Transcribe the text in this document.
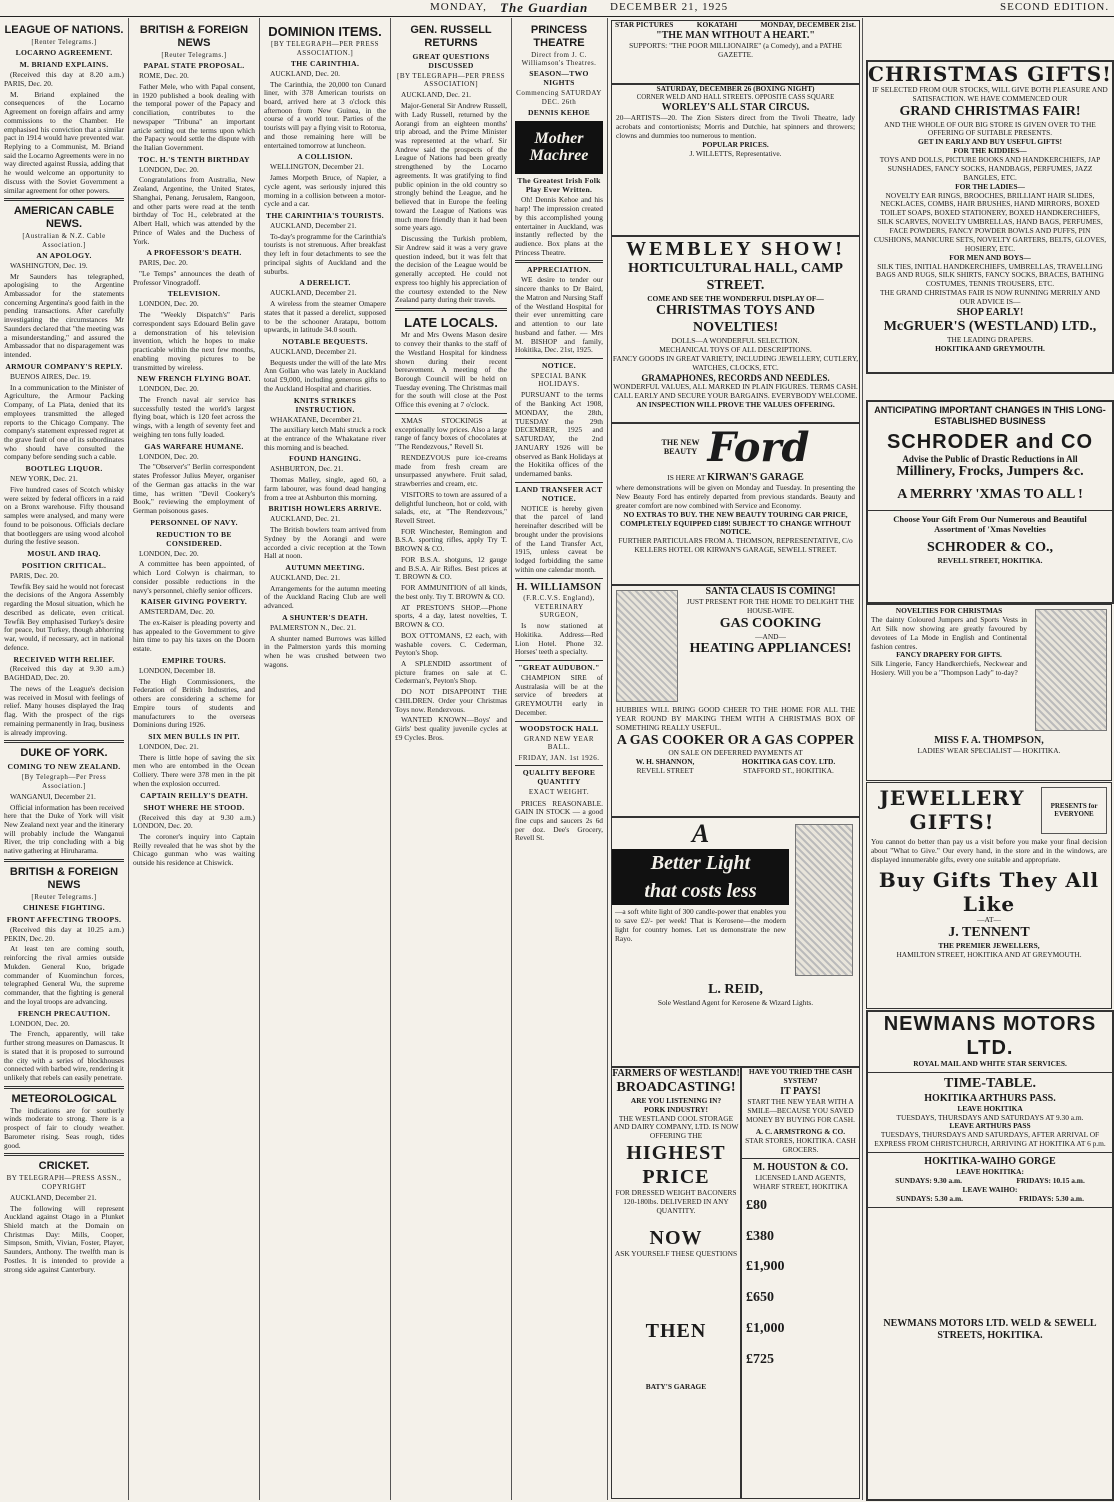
MONDAY, The Guardian DECEMBER 21, 1925	SECOND EDITION.
LEAGUE OF NATIONS.
[Renter Telegrams.]
LOCARNO AGREEMENT.
M. BRIAND EXPLAINS.

(Received this day at 8.20 a.m.) PARIS, Dec. 20.

M. Briand explained the consequences of the Locarno Agreement on foreign affairs and army commissions to the Chamber. He emphasised his conviction that a similar pact in 1914 would have prevented war. Replying to a Communist, M. Briand said the Locarno Agreements were in no way directed against Russia, adding that he would welcome an opportunity to discuss with the Soviet Government a similar agreement for other powers.

AMERICAN CABLE NEWS.
[Australian & N.Z. Cable Association.]
AN APOLOGY.

WASHINGTON, Dec. 19.

Mr Saunders has telegraphed, apologising to the Argentine Ambassador for the statements concerning Argentina's good faith in the pending transactions. After carefully investigating the circumstances Mr Saunders declared that "the meeting was a misunderstanding," and assured the Ambassador that no disparagement was intended.

ARMOUR COMPANY'S REPLY.

BUENOS AIRES, Dec. 19.

In a communication to the Minister of Agriculture, the Armour Packing Company, of La Plata, denied that its employees transmitted the alleged reports to the Chicago Company. The company's statement expressed regret at the grave fault of one of its subordinates who should have consulted the company before sending such a cable.

BOOTLEG LIQUOR.

NEW YORK, Dec. 21.

Five hundred cases of Scotch whisky were seized by federal officers in a raid on a Bronx warehouse. Fifty thousand samples were analysed, and many were found to be poisonous. Officials declare that bootleggers are using wood alcohol during the festive season.

MOSUL AND IRAQ.
POSITION CRITICAL.

PARIS, Dec. 20.

Tewfik Bey said he would not forecast the decisions of the Angora Assembly regarding the Mosul situation, which he described as delicate, even critical. Tewfik Bey emphasised Turkey's desire for peace, but Turkey, though abhorring war, would, if necessary, act in national defence.

RECEIVED WITH RELIEF.

(Received this day at 9.30 a.m.) BAGHDAD, Dec. 20.

The news of the League's decision was received in Mosul with feelings of relief. Many houses displayed the Iraq flag. With the prospect of the rigs remaining permanently in Iraq, business is already improving.

DUKE OF YORK.
COMING TO NEW ZEALAND.
[By Telegraph—Per Press Association.]

WANGANUI, December 21.

Official information has been received here that the Duke of York will visit New Zealand next year and the itinerary will probably include the Wanganui River, the trip concluding with a big native gathering at Hiruharama.

BRITISH & FOREIGN NEWS
[Reuter Telegrams.]
CHINESE FIGHTING.
FRONT AFFECTING TROOPS.

(Received this day at 10.25 a.m.) PEKIN, Dec. 20.

At least ten are coming south, reinforcing the rival armies outside Mukden. General Kuo, brigade commander of Kuominchun forces, telegraphed General Wu, the supreme commander, that the fighting is general and the loyal troops are advancing.

FRENCH PRECAUTION.

LONDON, Dec. 20.

The French, apparently, will take further strong measures on Damascus. It is stated that it is proposed to surround the city with a series of blockhouses connected with barbed wire, rendering it unlikely that rebels can easily penetrate.

METEOROLOGICAL

The indications are for southerly winds moderate to strong. There is a prospect of fair to cloudy weather. Barometer rising. Seas rough, tides good.

CRICKET.
BY TELEGRAPH—PRESS ASSN., COPYRIGHT

AUCKLAND, December 21.

The following will represent Auckland against Otago in a Plunket Shield match at the Domain on Christmas Day: Mills, Cooper, Simpson, Smith, Vivian, Foster, Player, Saunders, Anthony. The twelfth man is Postles. It is intended to provide a strong side against Canterbury.

BRITISH & FOREIGN NEWS
[Reuter Telegrams.]
PAPAL STATE PROPOSAL.

ROME, Dec. 20.

Father Mele, who with Papal consent, in 1920 published a book dealing with the temporal power of the Papacy and conciliation, contributes to the newspaper "Tribuna" an important article setting out the terms upon which the Papacy would settle the dispute with the Italian Government.

TOC. H.'S TENTH BIRTHDAY

LONDON, Dec. 20.

Congratulations from Australia, New Zealand, Argentine, the United States, Shanghai, Penang, Jerusalem, Rangoon, and other parts were read at the tenth birthday of Toc H., celebrated at the Albert Hall, which was attended by the Prince of Wales and the Duchess of York.

A PROFESSOR'S DEATH.

PARIS, Dec. 20.

"Le Temps" announces the death of Professor Vinogradoff.

TELEVISION.

LONDON, Dec. 20.

The "Weekly Dispatch's" Paris correspondent says Edouard Belin gave a demonstration of his television invention, which he hopes to make practicable within the next few months, enabling moving pictures to be transmitted by wireless.

NEW FRENCH FLYING BOAT.

LONDON, Dec. 20.

The French naval air service has successfully tested the world's largest flying boat, which is 120 feet across the wings, with a length of seventy feet and weighing ten tons fully loaded.

GAS WARFARE HUMANE.

LONDON, Dec. 20.

The "Observer's" Berlin correspondent states Professor Julius Meyer, organiser of the German gas attacks in the war time, has written "Devil Cookery's Book," reviewing the employment of German poisonous gases.

PERSONNEL OF NAVY.
REDUCTION TO BE CONSIDERED.

LONDON, Dec. 20.

A committee has been appointed, of which Lord Colwyn is chairman, to consider possible reductions in the navy's personnel, chiefly senior officers.

KAISER GIVING POVERTY.

AMSTERDAM, Dec. 20.

The ex-Kaiser is pleading poverty and has appealed to the Government to give him time to pay his taxes on the Doorn estate.

EMPIRE TOURS.

LONDON, December 18.

The High Commissioners, the Federation of British Industries, and others are considering a scheme for Empire tours of students and manufacturers to the overseas Dominions during 1926.

SIX MEN BULLS IN PIT.

LONDON, Dec. 21.

There is little hope of saving the six men who are entombed in the Ocean Colliery. There were 378 men in the pit when the explosion occurred.

CAPTAIN REILLY'S DEATH.
SHOT WHERE HE STOOD.

(Received this day at 9.30 a.m.) LONDON, Dec. 20.

The coroner's inquiry into Captain Reilly revealed that he was shot by the Chicago gunman who was waiting outside his residence at Chiswick.

DOMINION ITEMS.
[BY TELEGRAPH—PER PRESS ASSOCIATION.]
THE CARINTHIA.

AUCKLAND, Dec. 20.

The Carinthia, the 20,000 ton Cunard liner, with 378 American tourists on board, arrived here at 3 o'clock this afternoon from New Guinea, in the course of a world tour. Parties of the tourists will pay a flying visit to Rotorua, and those remaining here will be entertained tomorrow at luncheon.

A COLLISION.

WELLINGTON, December 21.

James Morpeth Bruce, of Napier, a cycle agent, was seriously injured this morning in a collision between a motor-cycle and a car.

THE CARINTHIA'S TOURISTS.

AUCKLAND, December 21.

To-day's programme for the Carinthia's tourists is not strenuous. After breakfast they left in four detachments to see the principal sights of Auckland and the suburbs.

A DERELICT.

AUCKLAND, December 21.

A wireless from the steamer Omapere states that it passed a derelict, supposed to be the schooner Aratapu, bottom upwards, in latitude 34.0 south.

NOTABLE BEQUESTS.

AUCKLAND, December 21.

Bequests under the will of the late Mrs Ann Gollan who was lately in Auckland total £9,000, including generous gifts to the Auckland Hospital and charities.

KNITS STRIKES INSTRUCTION.

WHAKATANE, December 21.

The auxiliary ketch Mahi struck a rock at the entrance of the Whakatane river this morning and is beached.

FOUND HANGING.

ASHBURTON, Dec. 21.

Thomas Malley, single, aged 60, a farm labourer, was found dead hanging from a tree at Ashburton this morning.

BRITISH HOWLERS ARRIVE.

AUCKLAND, Dec. 21.

The British bowlers team arrived from Sydney by the Aorangi and were accorded a civic reception at the Town Hall at noon.

AUTUMN MEETING.

AUCKLAND, Dec. 21.

Arrangements for the autumn meeting of the Auckland Racing Club are well advanced.

A SHUNTER'S DEATH.

PALMERSTON N., Dec. 21.

A shunter named Burrows was killed in the Palmerston yards this morning when he was crushed between two wagons.

GEN. RUSSELL RETURNS
GREAT QUESTIONS DISCUSSED
[BY TELEGRAPH—PER PRESS ASSOCIATION]

AUCKLAND, Dec. 21.

Major-General Sir Andrew Russell, with Lady Russell, returned by the Aorangi from an eighteen months' trip abroad, and the Prime Minister was represented at the wharf. Sir Andrew said the prospects of the League of Nations had been greatly strengthened by the Locarno agreements. It was gratifying to find public opinion in the old country so strongly behind the League, and he believed that in Europe the feeling toward the League of Nations was much more friendly than it had been some years ago.

Discussing the Turkish problem, Sir Andrew said it was a very grave question indeed, but it was felt that the decision of the League would be generally accepted. He could not express too highly his appreciation of the courtesy extended to the New Zealand party during their travels.

LATE LOCALS.

Mr and Mrs Owens Mason desire to convey their thanks to the staff of the Westland Hospital for kindness shown during their recent bereavement. A meeting of the Borough Council will be held on Tuesday evening. The Christmas mail for the south will close at the Post Office this evening at 7 o'clock.

XMAS STOCKINGS at exceptionally low prices. Also a large range of fancy boxes of chocolates at "The Rendezvous," Revell St.

RENDEZVOUS pure ice-creams made from fresh cream are unsurpassed anywhere. Fruit salad, strawberries and cream, etc.

VISITORS to town are assured of a delightful luncheon, hot or cold, with salads, etc, at "The Rendezvous," Revell Street.

FOR Winchester, Remington and B.S.A. sporting rifles, apply Try T. BROWN & CO.

FOR B.S.A. shotguns, 12 gauge and B.S.A. Air Rifles. Best prices at T. BROWN & CO.

FOR AMMUNITION of all kinds, the best only. Try T. BROWN & CO.

AT PRESTON'S SHOP.—Phone sports, 4 a day, latest novelties, T. BROWN & CO.

BOX OTTOMANS, £2 each, with washable covers. C. Cederman, Peyton's Shop.

A SPLENDID assortment of picture frames on sale at C. Cederman's, Peyton's Shop.

DO NOT DISAPPOINT THE CHILDREN. Order your Christmas Toys now. Rendezvous.

WANTED KNOWN—Boys' and Girls' best quality juvenile cycles at £9 Cycles. Bros.

PRINCESS THEATRE
Direct from J. C. Williamson's Theatres.
SEASON—TWO NIGHTS
Commencing SATURDAY DEC. 26th
DENNIS KEHOE
Mother Machree
The Greatest Irish Folk Play Ever Written.

Oh! Dennis Kehoe and his harp! The impression created by this accomplished young entertainer in Auckland, was instantly reflected by the audience. Box plans at the Princess Theatre.

APPRECIATION.

WE desire to tender our sincere thanks to Dr Baird, the Matron and Nursing Staff of the Westland Hospital for their ever unremitting care and attention to our late husband and father. — Mrs M. BISHOP and family, Hokitika, Dec. 21st, 1925.

NOTICE.
SPECIAL BANK HOLIDAYS.

PURSUANT to the terms of the Banking Act 1908, MONDAY, the 28th, TUESDAY the 29th DECEMBER, 1925 and SATURDAY, the 2nd JANUARY 1926 will be observed as Bank Holidays at the Hokitika offices of the undernamed banks.

LAND TRANSFER ACT NOTICE.

NOTICE is hereby given that the parcel of land hereinafter described will be brought under the provisions of the Land Transfer Act, 1915, unless caveat be lodged forbidding the same within one calendar month.

H. WILLIAMSON
(F.R.C.V.S. England), VETERINARY SURGEON,

Is now stationed at Hokitika. Address—Red Lion Hotel. Phone 32. Horses' teeth a specialty.

"GREAT AUDUBON."

CHAMPION SIRE of Australasia will be at the service of breeders at GREYMOUTH early in December.

WOODSTOCK HALL
GRAND NEW YEAR BALL.
FRIDAY, JAN. 1st 1926.
QUALITY BEFORE QUANTITY
EXACT WEIGHT.

PRICES REASONABLE. GAIN IN STOCK — a good fine cups and saucers 2s 6d per doz. Dee's Grocery, Revell St.

STAR PICTURES	KOKATAHI	MONDAY, DECEMBER 21st.
"THE MAN WITHOUT A HEART."
SUPPORTS: "THE POOR MILLIONAIRE" (a Comedy), and a PATHE GAZETTE.
SATURDAY, DECEMBER 26 (BOXING NIGHT)
CORNER WELD AND HALL STREETS. OPPOSITE CASS SQUARE
WORLEY'S ALL STAR CIRCUS.
20—ARTISTS—20. The Zion Sisters direct from the Tivoli Theatre, lady acrobats and contortionists; Morris and Dutchie, hat spinners and throwers; clowns and dummies too numerous to mention.
POPULAR PRICES.
J. WILLETTS, Representative.
WEMBLEY SHOW!
HORTICULTURAL HALL, CAMP STREET.
COME AND SEE THE WONDERFUL DISPLAY OF—
CHRISTMAS TOYS AND NOVELTIES!
DOLLS—A WONDERFUL SELECTION.
MECHANICAL TOYS OF ALL DESCRIPTIONS.
FANCY GOODS IN GREAT VARIETY, INCLUDING JEWELLERY, CUTLERY, WATCHES, CLOCKS, ETC.
GRAMAPHONES, RECORDS AND NEEDLES.
WONDERFUL VALUES, ALL MARKED IN PLAIN FIGURES. TERMS CASH.
CALL EARLY AND SECURE YOUR BARGAINS. EVERYBODY WELCOME.
AN INSPECTION WILL PROVE THE VALUES OFFERING.
THE NEW
BEAUTY Ford
IS HERE AT KIRWAN'S GARAGE
where demonstrations will be given on Monday and Tuesday. In presenting the New Beauty Ford has entirely departed from previous standards. Beauty and greater comfort are now combined with Service and Economy.
NO EXTRAS TO BUY. THE NEW BEAUTY TOURING CAR PRICE, COMPLETELY EQUIPPED £189! SUBJECT TO CHANGE WITHOUT NOTICE.
FURTHER PARTICULARS FROM A. THOMSON, REPRESENTATIVE, C/o KELLERS HOTEL OR KIRWAN'S GARAGE, SEWELL STREET.
SANTA CLAUS IS COMING!
JUST PRESENT FOR THE HOME TO DELIGHT THE HOUSE-WIFE.
GAS COOKING
—AND—
HEATING APPLIANCES!
HUBBIES WILL BRING GOOD CHEER TO THE HOME FOR ALL THE YEAR ROUND BY MAKING THEM WITH A CHRISTMAS BOX OF SOMETHING REALLY USEFUL.
A GAS COOKER OR A GAS COPPER
ON SALE ON DEFERRED PAYMENTS AT
W. H. SHANNON,
REVELL STREET
HOKITIKA GAS COY. LTD.
STAFFORD ST., HOKITIKA.
A
Better Light
that costs less
—a soft white light of 300 candle-power that enables you to save £2/- per week! That is Kerosene—the modern light for country homes. Let us demonstrate the new Rayo.
L. REID,
Sole Westland Agent for Kerosene & Wizard Lights.
FARMERS OF WESTLAND!
BROADCASTING!
ARE YOU LISTENING IN?
PORK INDUSTRY!
THE WESTLAND COOL STORAGE AND DAIRY COMPANY, LTD. IS NOW OFFERING THE
HIGHEST PRICE
FOR DRESSED WEIGHT BACONERS 120-180lbs. DELIVERED IN ANY QUANTITY.
NOW
ASK YOURSELF THESE QUESTIONS
THEN
BATY'S GARAGE
HAVE YOU TRIED THE CASH SYSTEM?
IT PAYS!
START THE NEW YEAR WITH A SMILE—BECAUSE YOU SAVED MONEY BY BUYING FOR CASH.
A. C. ARMSTRONG & CO.
STAR STORES, HOKITIKA. CASH GROCERS.
M. HOUSTON & CO.
LICENSED LAND AGENTS, WHARF STREET, HOKITIKA
£80
£380
£1,900
£650
£1,000
£725
CHRISTMAS GIFTS!
IF SELECTED FROM OUR STOCKS, WILL GIVE BOTH PLEASURE AND SATISFACTION. WE HAVE COMMENCED OUR
GRAND CHRISTMAS FAIR!
AND THE WHOLE OF OUR BIG STORE IS GIVEN OVER TO THE OFFERING OF SUITABLE PRESENTS.
GET IN EARLY AND BUY USEFUL GIFTS!
FOR THE KIDDIES—
TOYS AND DOLLS, PICTURE BOOKS AND HANDKERCHIEFS, JAP SUNSHADES, FANCY SOCKS, HANDBAGS, PERFUMES, JAZZ BANGLES, ETC.
FOR THE LADIES—
NOVELTY EAR RINGS, BROOCHES, BRILLIANT HAIR SLIDES, NECKLACES, COMBS, HAIR BRUSHES, HAND MIRRORS, BOXED TOILET SOAPS, BOXED STATIONERY, BOXED HANDKERCHIEFS, SILK SCARVES, NOVELTY UMBRELLAS, HAND BAGS, PERFUMES, FACE POWDERS, FANCY POWDER BOWLS AND PUFFS, PIN CUSHIONS, MANICURE SETS, NOVELTY GARTERS, BELTS, GLOVES, HOSIERY, ETC.
FOR MEN AND BOYS—
SILK TIES, INITIAL HANDKERCHIEFS, UMBRELLAS, TRAVELLING BAGS AND RUGS, SILK SHIRTS, FANCY SOCKS, BRACES, BATHING COSTUMES, TENNIS TROUSERS, ETC.
THE GRAND CHRISTMAS FAIR IS NOW RUNNING MERRILY AND OUR ADVICE IS—
SHOP EARLY!
McGRUER'S (WESTLAND) LTD.,
THE LEADING DRAPERS.
HOKITIKA AND GREYMOUTH.
ANTICIPATING IMPORTANT CHANGES IN THIS LONG-ESTABLISHED BUSINESS
SCHRODER and CO
Advise the Public of Drastic Reductions in All
Millinery, Frocks, Jumpers &c.
A MERRRY 'XMAS TO ALL !
Choose Your Gift From Our Numerous and Beautiful Assortment of 'Xmas Novelties
SCHRODER & CO.,
REVELL STREET, HOKITIKA.
NOVELTIES FOR CHRISTMAS
The dainty Coloured Jumpers and Sports Vests in Art Silk now showing are greatly favoured by devotees of La Mode in English and Continental fashion centres.
FANCY DRAPERY FOR GIFTS.
Silk Lingerie, Fancy Handkerchiefs, Neckwear and Hosiery. Will you be a "Thompson Lady" to-day?
MISS F. A. THOMPSON,
LADIES' WEAR SPECIALIST — HOKITIKA.
JEWELLERY GIFTS!
PRESENTS for EVERYONE
You cannot do better than pay us a visit before you make your final decision about "What to Give." Our every hand, in the store and in the windows, are displayed innumerable gifts, every one suitable and appropriate.
Buy Gifts They All Like
—AT—
J. TENNENT
THE PREMIER JEWELLERS,
HAMILTON STREET, HOKITIKA AND AT GREYMOUTH.
NEWMANS MOTORS LTD.
ROYAL MAIL AND WHITE STAR SERVICES.
TIME-TABLE.
HOKITIKA ARTHURS PASS.
LEAVE HOKITIKA
TUESDAYS, THURSDAYS AND SATURDAYS AT 9.30 a.m.
LEAVE ARTHURS PASS
TUESDAYS, THURSDAYS AND SATURDAYS, AFTER ARRIVAL OF EXPRESS FROM CHRISTCHURCH, ARRIVING AT HOKITIKA AT 6 p.m.
HOKITIKA-WAIHO GORGE
LEAVE HOKITIKA:
SUNDAYS: 9.30 a.m.	FRIDAYS: 10.15 a.m.
LEAVE WAIHO:
SUNDAYS: 5.30 a.m.	FRIDAYS: 5.30 a.m.
NEWMANS MOTORS LTD. WELD & SEWELL STREETS, HOKITIKA.
